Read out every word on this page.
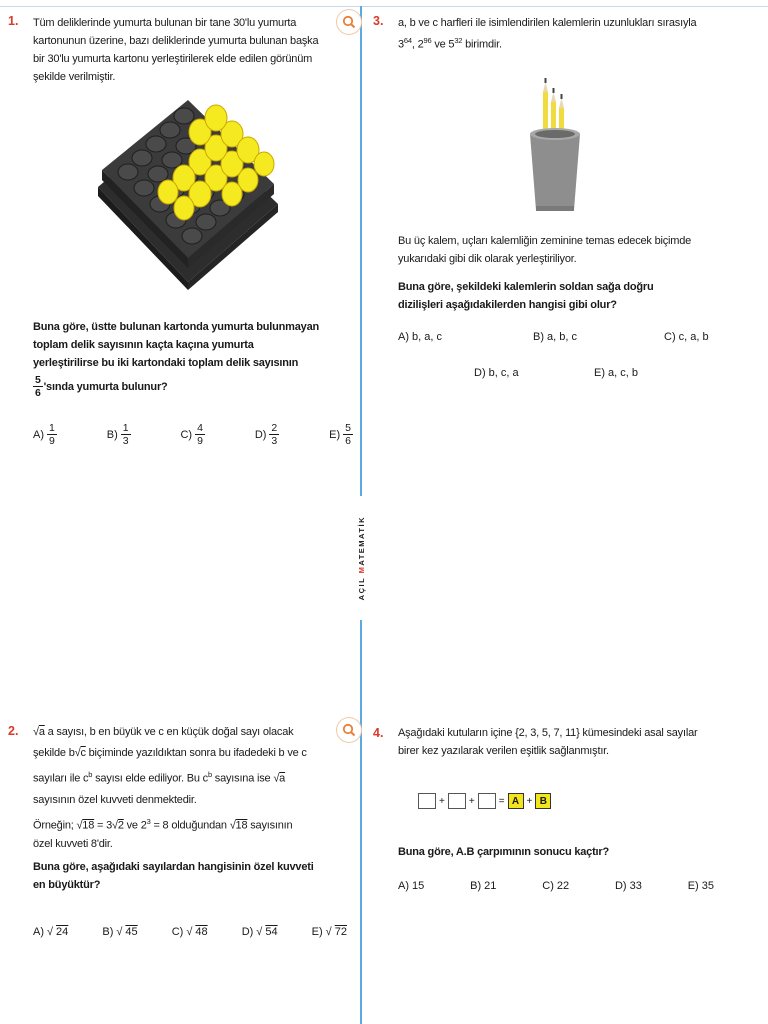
AÇIL MATEMATİK
1. Tüm deliklerinde yumurta bulunan bir tane 30'lu yumurta
kartonunun üzerine, bazı deliklerinde yumurta bulunan başka
bir 30'lu yumurta kartonu yerleştirilerek elde edilen görünüm
şekilde verilmiştir.
Buna göre, üstte bulunan kartonda yumurta bulunmayan
toplam delik sayısının kaçta kaçına yumurta
yerleştirilirse bu iki kartondaki toplam delik sayısının
$\frac{5}{6}$ 'sında yumurta bulunur?
$A) \frac{1}{9}$	$B) \frac{1}{3}$	$C) \frac{4}{9}$	$D) \frac{2}{3}$	$E) \frac{5}{6}$
2. √a a sayısı, b en büyük ve c en küçük doğal sayı olacak
şekilde b√c biçiminde yazıldıktan sonra bu ifadedeki b ve c
sayıları ile $c^b$ sayısı elde ediliyor. Bu $c^b$ sayısına ise √a
sayısının özel kuvveti denmektedir.
Örneğin; √18 = 3√2 ve $2^3 = 8$ olduğundan √18 sayısının
özel kuvveti 8'dir.
Buna göre, aşağıdaki sayılardan hangisinin özel kuvveti
en büyüktür?
A) √ 24	B) √ 45	C) √ 48	D) √ 54	E) √ 72
3. a, b ve c harfleri ile isimlendirilen kalemlerin uzunlukları sırasıyla
$3^{64}$, $2^{96}$ ve $5^{32}$ birimdir.
Bu üç kalem, uçları kalemliğin zeminine temas edecek biçimde
yukarıdaki gibi dik olarak yerleştiriliyor.
Buna göre, şekildeki kalemlerin soldan sağa doğru
dizilişleri aşağıdakilerden hangisi gibi olur?
A) b, a, c	B) a, b, c	C) c, a, b
D) b, c, a	E) a, c, b
4. Aşağıdaki kutuların içine {2, 3, 5, 7, 11} kümesindeki asal sayılar
birer kez yazılarak verilen eşitlik sağlanmıştır.
+ + = A + B
Buna göre, A.B çarpımının sonucu kaçtır?
A) 15	B) 21	C) 22	D) 33	E) 35
